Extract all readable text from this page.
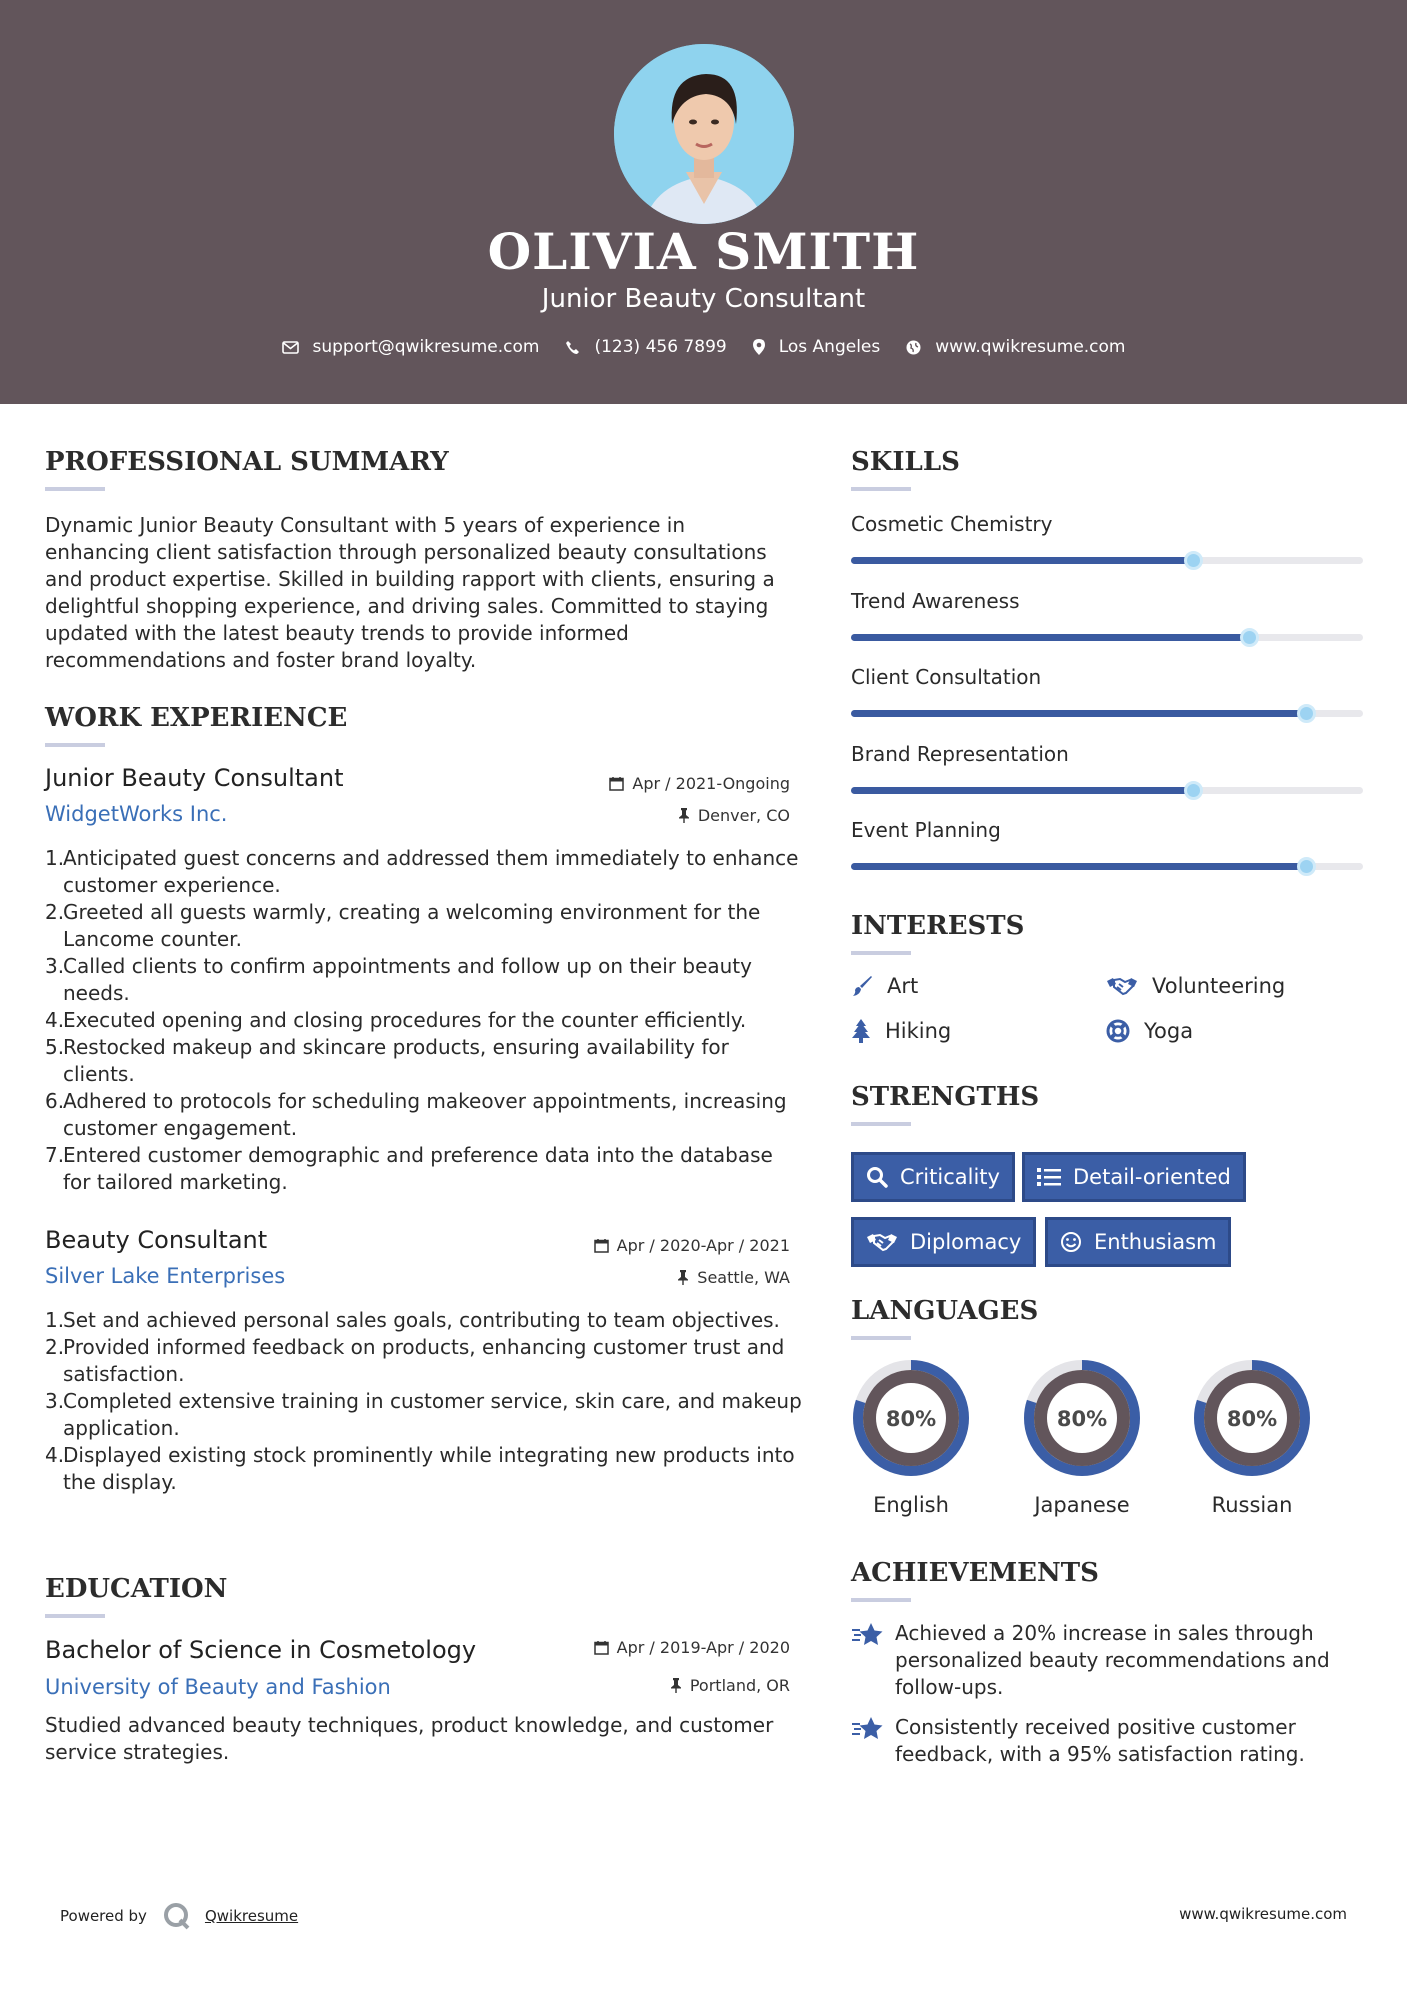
OLIVIA SMITH
Junior Beauty Consultant
support@qwikresume.com	(123) 456 7899	Los Angeles	www.qwikresume.com
PROFESSIONAL SUMMARY
Dynamic Junior Beauty Consultant with 5 years of experience in enhancing client satisfaction through personalized beauty consultations and product expertise. Skilled in building rapport with clients, ensuring a delightful shopping experience, and driving sales. Committed to staying updated with the latest beauty trends to provide informed recommendations and foster brand loyalty.
WORK EXPERIENCE
Junior Beauty Consultant
WidgetWorks Inc.
Apr / 2021-Ongoing
Denver, CO
1.
Anticipated guest concerns and addressed them immediately to enhance customer experience.
2.
Greeted all guests warmly, creating a welcoming environment for the Lancome counter.
3.
Called clients to confirm appointments and follow up on their beauty needs.
4.
Executed opening and closing procedures for the counter efficiently.
5.
Restocked makeup and skincare products, ensuring availability for clients.
6.
Adhered to protocols for scheduling makeover appointments, increasing customer engagement.
7.
Entered customer demographic and preference data into the database for tailored marketing.
Beauty Consultant
Silver Lake Enterprises
Apr / 2020-Apr / 2021
Seattle, WA
1.
Set and achieved personal sales goals, contributing to team objectives.
2.
Provided informed feedback on products, enhancing customer trust and satisfaction.
3.
Completed extensive training in customer service, skin care, and makeup application.
4.
Displayed existing stock prominently while integrating new products into the display.
EDUCATION
Bachelor of Science in Cosmetology
University of Beauty and Fashion
Apr / 2019-Apr / 2020
Portland, OR
Studied advanced beauty techniques, product knowledge, and customer service strategies.
SKILLS
Cosmetic Chemistry
Trend Awareness
Client Consultation
Brand Representation
Event Planning
INTERESTS
Art	Volunteering
Hiking	Yoga
STRENGTHS
Criticality	Detail-oriented
Diplomacy	Enthusiasm
LANGUAGES
80%
English
80%
Japanese
80%
Russian
ACHIEVEMENTS
Achieved a 20% increase in sales through personalized beauty recommendations and follow-ups.
Consistently received positive customer feedback, with a 95% satisfaction rating.
Powered by	Qwikresume	www.qwikresume.com
